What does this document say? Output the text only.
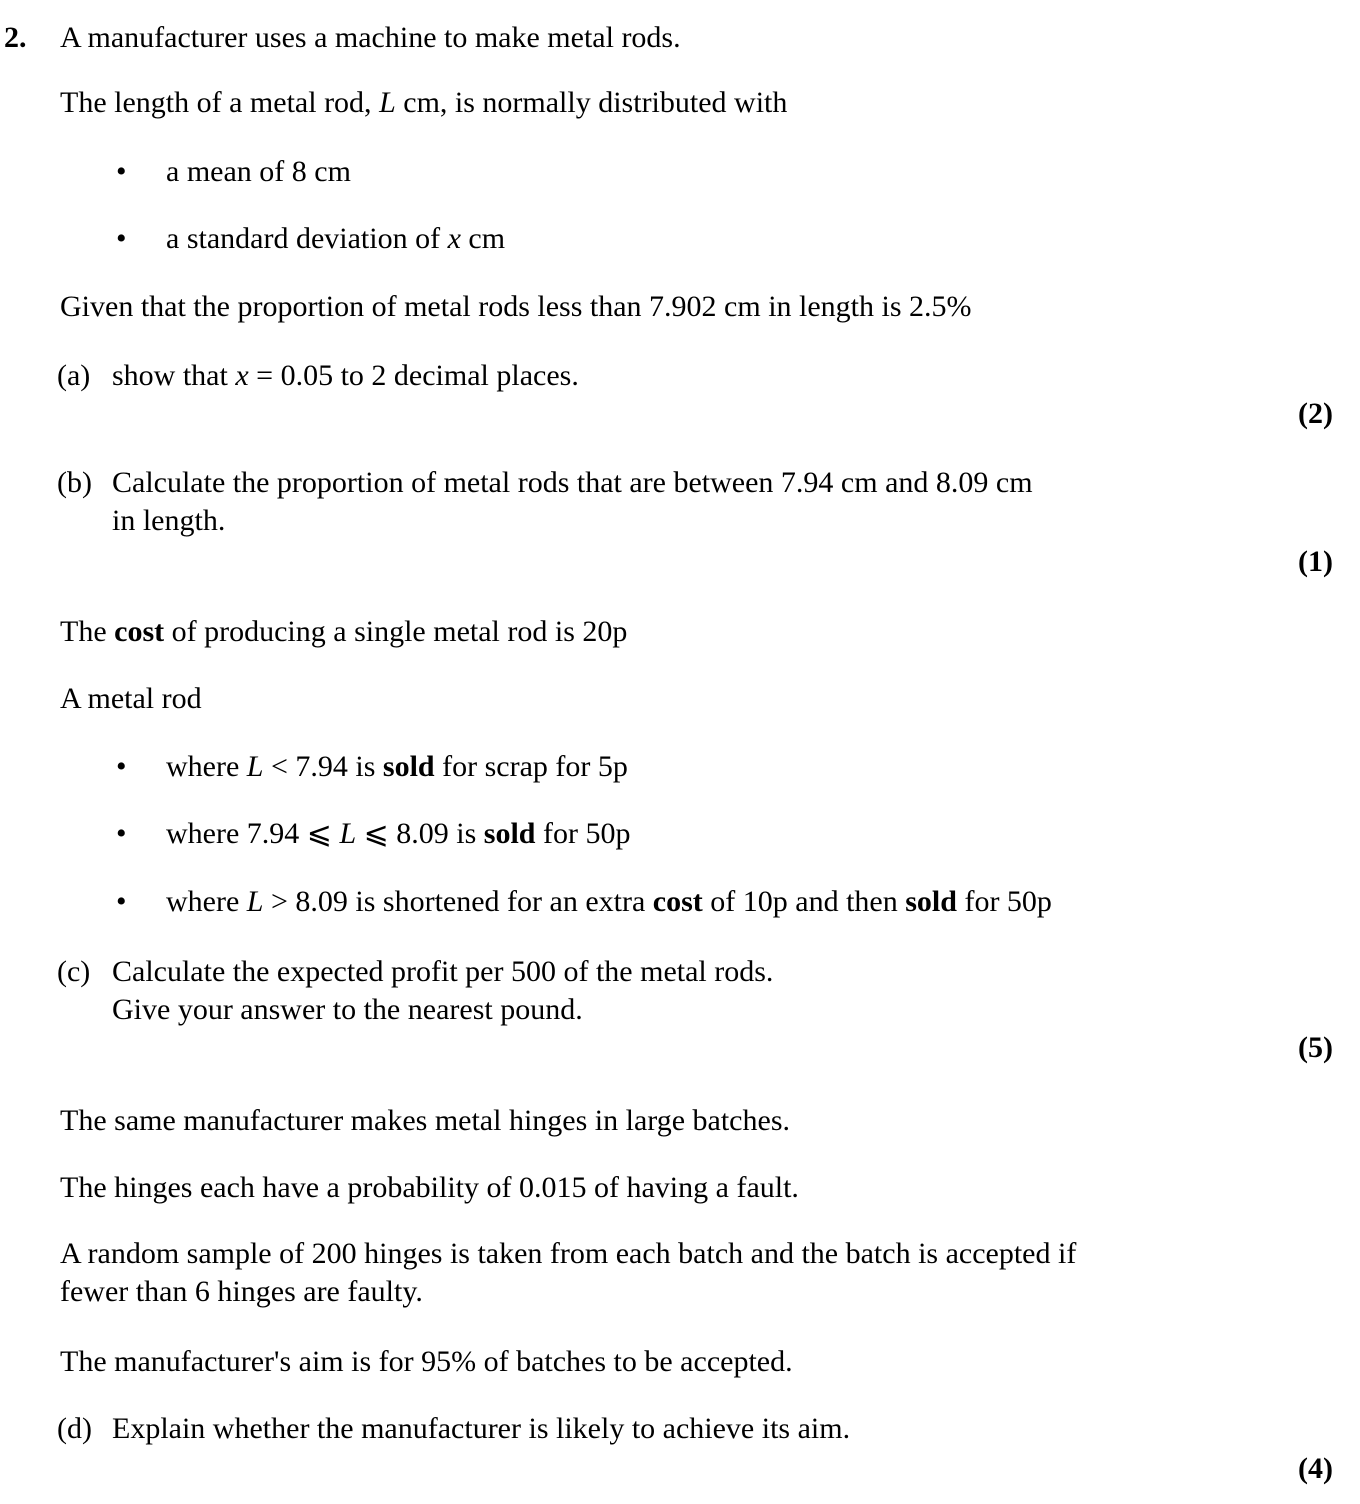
2. A manufacturer uses a machine to make metal rods.
The length of a metal rod, L cm, is normally distributed with
• a mean of 8 cm
• a standard deviation of x cm
Given that the proportion of metal rods less than 7.902 cm in length is 2.5%
(a) show that x = 0.05 to 2 decimal places.
(2)
(b) Calculate the proportion of metal rods that are between 7.94 cm and 8.09 cm
in length.
(1)
The cost of producing a single metal rod is 20p
A metal rod
• where L < 7.94 is sold for scrap for 5p
• where 7.94 ⩽ L ⩽ 8.09 is sold for 50p
• where L > 8.09 is shortened for an extra cost of 10p and then sold for 50p
(c) Calculate the expected profit per 500 of the metal rods.
Give your answer to the nearest pound.
(5)
The same manufacturer makes metal hinges in large batches.
The hinges each have a probability of 0.015 of having a fault.
A random sample of 200 hinges is taken from each batch and the batch is accepted if
fewer than 6 hinges are faulty.
The manufacturer's aim is for 95% of batches to be accepted.
(d) Explain whether the manufacturer is likely to achieve its aim.
(4)
